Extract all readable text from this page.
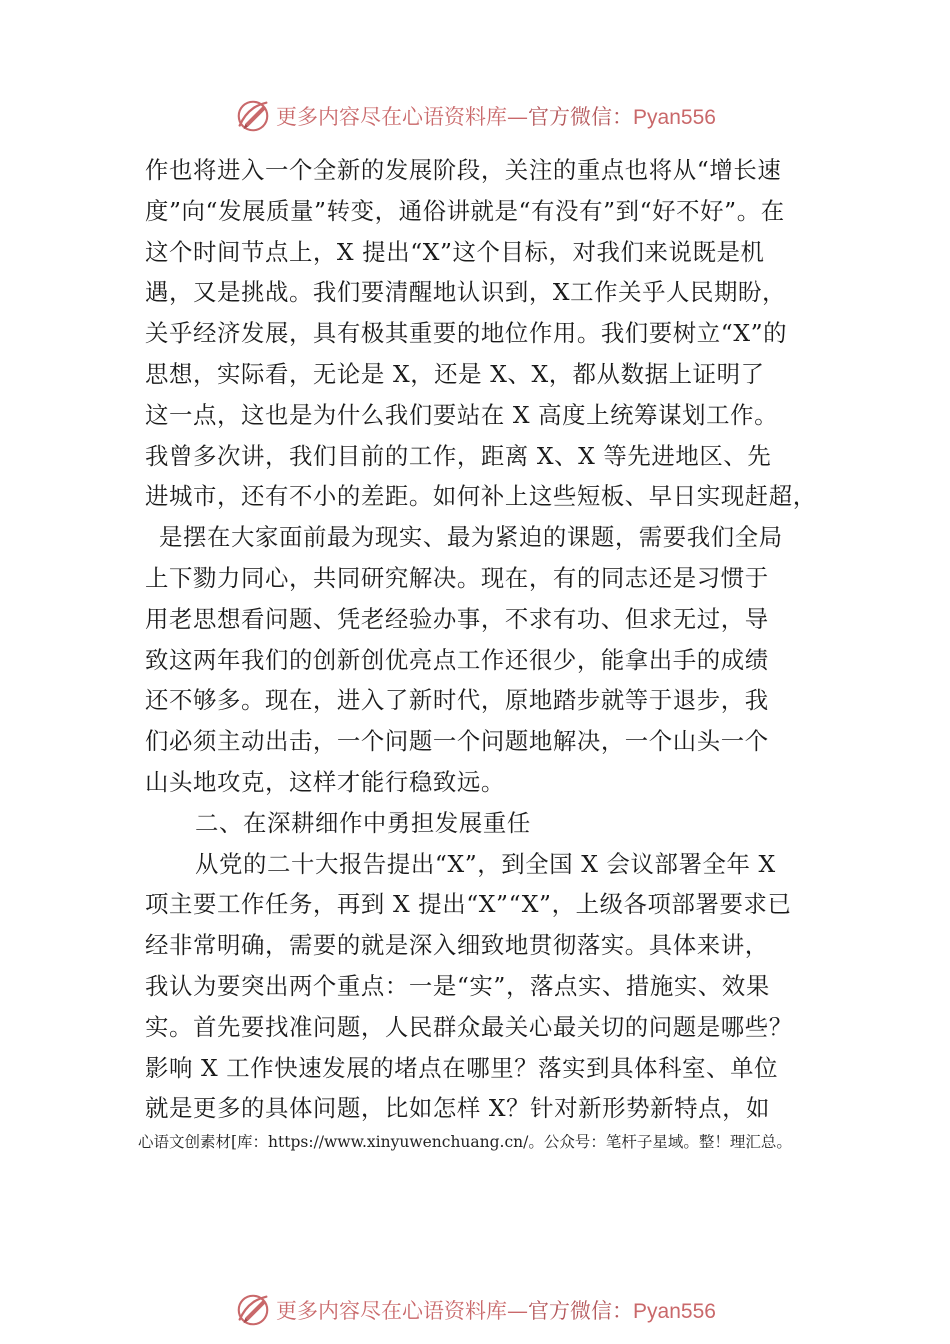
更多内容尽在心语资料库—官方微信：Pyan556
作也将进入一个全新的发展阶段，关注的重点也将从“增长速
度”向“发展质量”转变，通俗讲就是“有没有”到“好不好”。在
这个时间节点上，X 提出“X”这个目标，对我们来说既是机
遇，又是挑战。我们要清醒地认识到，X工作关乎人民期盼，
关乎经济发展，具有极其重要的地位作用。我们要树立“X”的
思想，实际看，无论是 X，还是 X、X，都从数据上证明了
这一点，这也是为什么我们要站在 X 高度上统筹谋划工作。
我曾多次讲，我们目前的工作，距离 X、X 等先进地区、先
进城市，还有不小的差距。如何补上这些短板、早日实现赶超，
是摆在大家面前最为现实、最为紧迫的课题，需要我们全局
上下勠力同心，共同研究解决。现在，有的同志还是习惯于
用老思想看问题、凭老经验办事，不求有功、但求无过，导
致这两年我们的创新创优亮点工作还很少，能拿出手的成绩
还不够多。现在，进入了新时代，原地踏步就等于退步，我
们必须主动出击，一个问题一个问题地解决，一个山头一个
山头地攻克，这样才能行稳致远。
二、在深耕细作中勇担发展重任
从党的二十大报告提出“X”，到全国 X 会议部署全年 X
项主要工作任务，再到 X 提出“X”“X”，上级各项部署要求已
经非常明确，需要的就是深入细致地贯彻落实。具体来讲，
我认为要突出两个重点：一是“实”，落点实、措施实、效果
实。首先要找准问题，人民群众最关心最关切的问题是哪些？
影响 X 工作快速发展的堵点在哪里？落实到具体科室、单位
就是更多的具体问题，比如怎样 X？针对新形势新特点，如
心语文创素材[库：https://www.xinyuwenchuang.cn/。公众号：笔杆子星域。整！理汇总。
更多内容尽在心语资料库—官方微信：Pyan556
